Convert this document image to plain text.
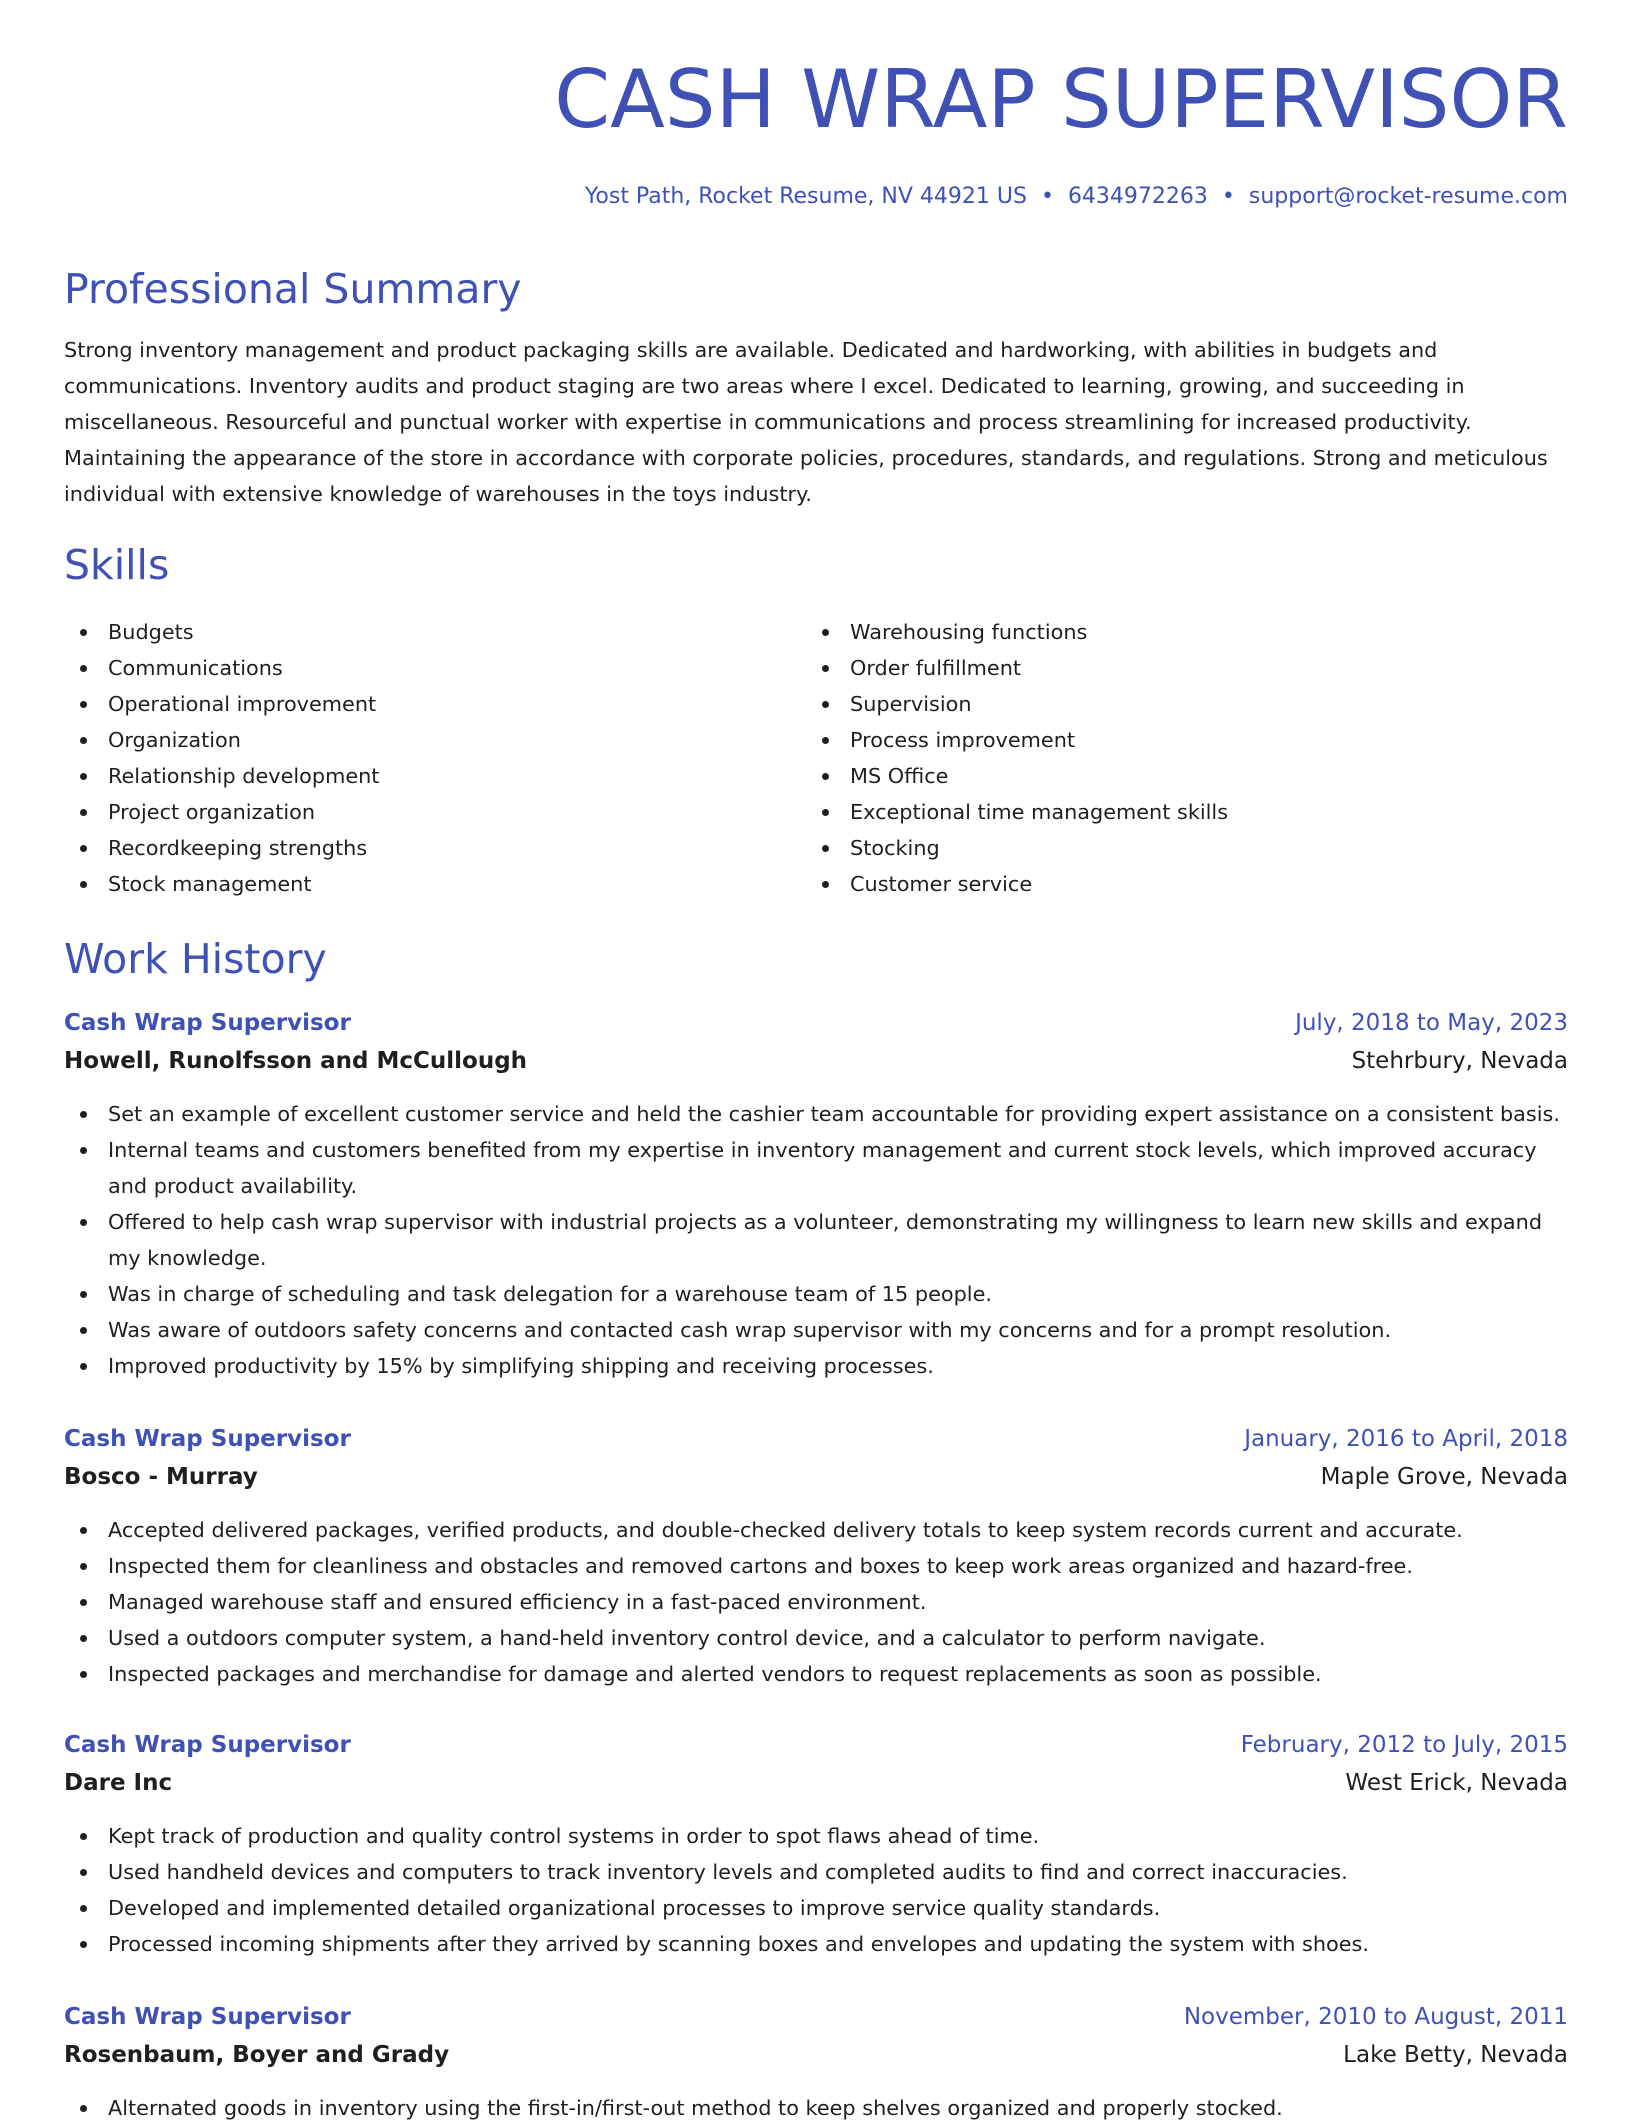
CASH WRAP SUPERVISOR
Yost Path, Rocket Resume, NV 44921 US • 6434972263 • support@rocket-resume.com
Professional Summary

Strong inventory management and product packaging skills are available. Dedicated and hardworking, with abilities in budgets and communications. Inventory audits and product staging are two areas where I excel. Dedicated to learning, growing, and succeeding in miscellaneous. Resourceful and punctual worker with expertise in communications and process streamlining for increased productivity. Maintaining the appearance of the store in accordance with corporate policies, procedures, standards, and regulations. Strong and meticulous individual with extensive knowledge of warehouses in the toys industry.

Skills
Budgets
Communications
Operational improvement
Organization
Relationship development
Project organization
Recordkeeping strengths
Stock management
Warehousing functions
Order fulfillment
Supervision
Process improvement
MS Office
Exceptional time management skills
Stocking
Customer service
Work History
Cash Wrap Supervisor	July, 2018 to May, 2023
Howell, Runolfsson and McCullough	Stehrbury, Nevada
Set an example of excellent customer service and held the cashier team accountable for providing expert assistance on a consistent basis.
Internal teams and customers benefited from my expertise in inventory management and current stock levels, which improved accuracy and product availability.
Offered to help cash wrap supervisor with industrial projects as a volunteer, demonstrating my willingness to learn new skills and expand my knowledge.
Was in charge of scheduling and task delegation for a warehouse team of 15 people.
Was aware of outdoors safety concerns and contacted cash wrap supervisor with my concerns and for a prompt resolution.
Improved productivity by 15% by simplifying shipping and receiving processes.
Cash Wrap Supervisor	January, 2016 to April, 2018
Bosco - Murray	Maple Grove, Nevada
Accepted delivered packages, verified products, and double-checked delivery totals to keep system records current and accurate.
Inspected them for cleanliness and obstacles and removed cartons and boxes to keep work areas organized and hazard-free.
Managed warehouse staff and ensured efficiency in a fast-paced environment.
Used a outdoors computer system, a hand-held inventory control device, and a calculator to perform navigate.
Inspected packages and merchandise for damage and alerted vendors to request replacements as soon as possible.
Cash Wrap Supervisor	February, 2012 to July, 2015
Dare Inc	West Erick, Nevada
Kept track of production and quality control systems in order to spot flaws ahead of time.
Used handheld devices and computers to track inventory levels and completed audits to find and correct inaccuracies.
Developed and implemented detailed organizational processes to improve service quality standards.
Processed incoming shipments after they arrived by scanning boxes and envelopes and updating the system with shoes.
Cash Wrap Supervisor	November, 2010 to August, 2011
Rosenbaum, Boyer and Grady	Lake Betty, Nevada
Alternated goods in inventory using the first-in/first-out method to keep shelves organized and properly stocked.
